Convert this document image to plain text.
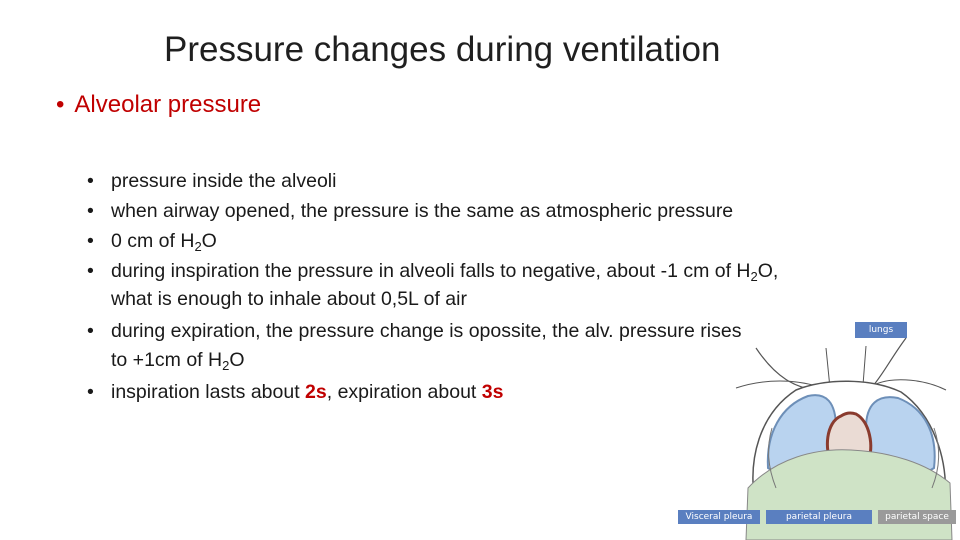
Pressure changes during ventilation
• Alveolar pressure
•
•
•
•
•
•
pressure inside the alveoli
when airway opened, the pressure is the same as atmospheric pressure
0 cm of $H_2O$
during inspiration the pressure in alveoli falls to negative, about -1 cm of $H_2O$,
what is enough to inhale about 0,5L of air
during expiration, the pressure change is opossite, the alv. pressure rises
to +1cm of $H_2O$
inspiration lasts about 2s, expiration about 3s
lungs
Visceral pleura	parietal pleura	parietal space
